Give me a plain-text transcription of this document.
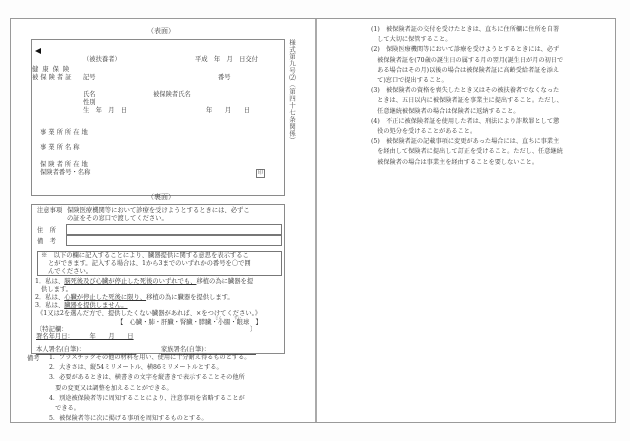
（表面）
（被扶養者）	平成　年　月　日交付
健 康 保 険
被 保 険 者 証 記号	番号
氏名	被保険者氏名
性別
生　年　月　日	年　　月　　日
事 業 所 所 在 地
事 業 所 名 称
保 険 者 所 在 地
保険者番号・名称	印
様式第九号⑵（第四十七条関係）
（裏面）
注意事項 保険医療機関等において診療を受けようとするときには、必ずこ
の証をその窓口で渡してください。
住　所
備　考
※　以下の欄に記入することにより、臓器提供に関する意思を表示するこ
とができます。記入する場合は、1から3までのいずれかの番号を〇で囲
んでください。
1．私は、脳死後及び心臓が停止した死後のいずれでも、移植の為に臓器を提
供します。
2．私は、心臓が停止した死後に限り、移植の為に臓器を提供します。
3．私は、臓器を提供しません。
《1又は2を選んだ方で、提供したくない臓器があれば、×をつけてください。》
じん	すい
【　心臓・肺・肝臓・腎臓・膵臓・小腸・眼球　】
〔特記欄：	〕
署名年月日：　　　年　　月　　日
本人署名(自筆)：	家族署名(自筆)：
備考 1．プラスチックその他の材料を用い、使用に十分耐え得るものとする。
2．大きさは、縦54ミリメートル、横86ミリメートルとする。
3．必要があるときは、横書きの文字を縦書きで表示することその他所
　要の変更又は調整を加えることができる。
4．別途被保険者等に周知することにより、注意事項を省略することが
　できる。
5．被保険者等に次に掲げる事項を周知するものとする。
(1)　被保険者証の交付を受けたときは、直ちに住所欄に住所を自署
　して大切に保管すること。
(2)　保険医療機関等において診療を受けようとするときには、必ず
　被保険者証を(70歳の誕生日の属する月の翌月(誕生日が月の初日で
　ある場合はその月)以後の場合は被保険者証に高齢受給者証を添え
　て)窓口で提出すること。
(3)　被保険者の資格を喪失したとき又はその被扶養者でなくなった
　ときは、五日以内に被保険者証を事業主に提出すること。ただし、
　任意継続被保険者の場合は保険者に返納すること。
(4)　不正に被保険者証を使用した者は、刑法により詐欺罪として懲
　役の処分を受けることがあること。
(5)　被保険者証の記載事項に変更があった場合には、直ちに事業主
　を経由して保険者に提出して訂正を受けること。ただし、任意継続
　被保険者の場合は事業主を経由することを要しないこと。
